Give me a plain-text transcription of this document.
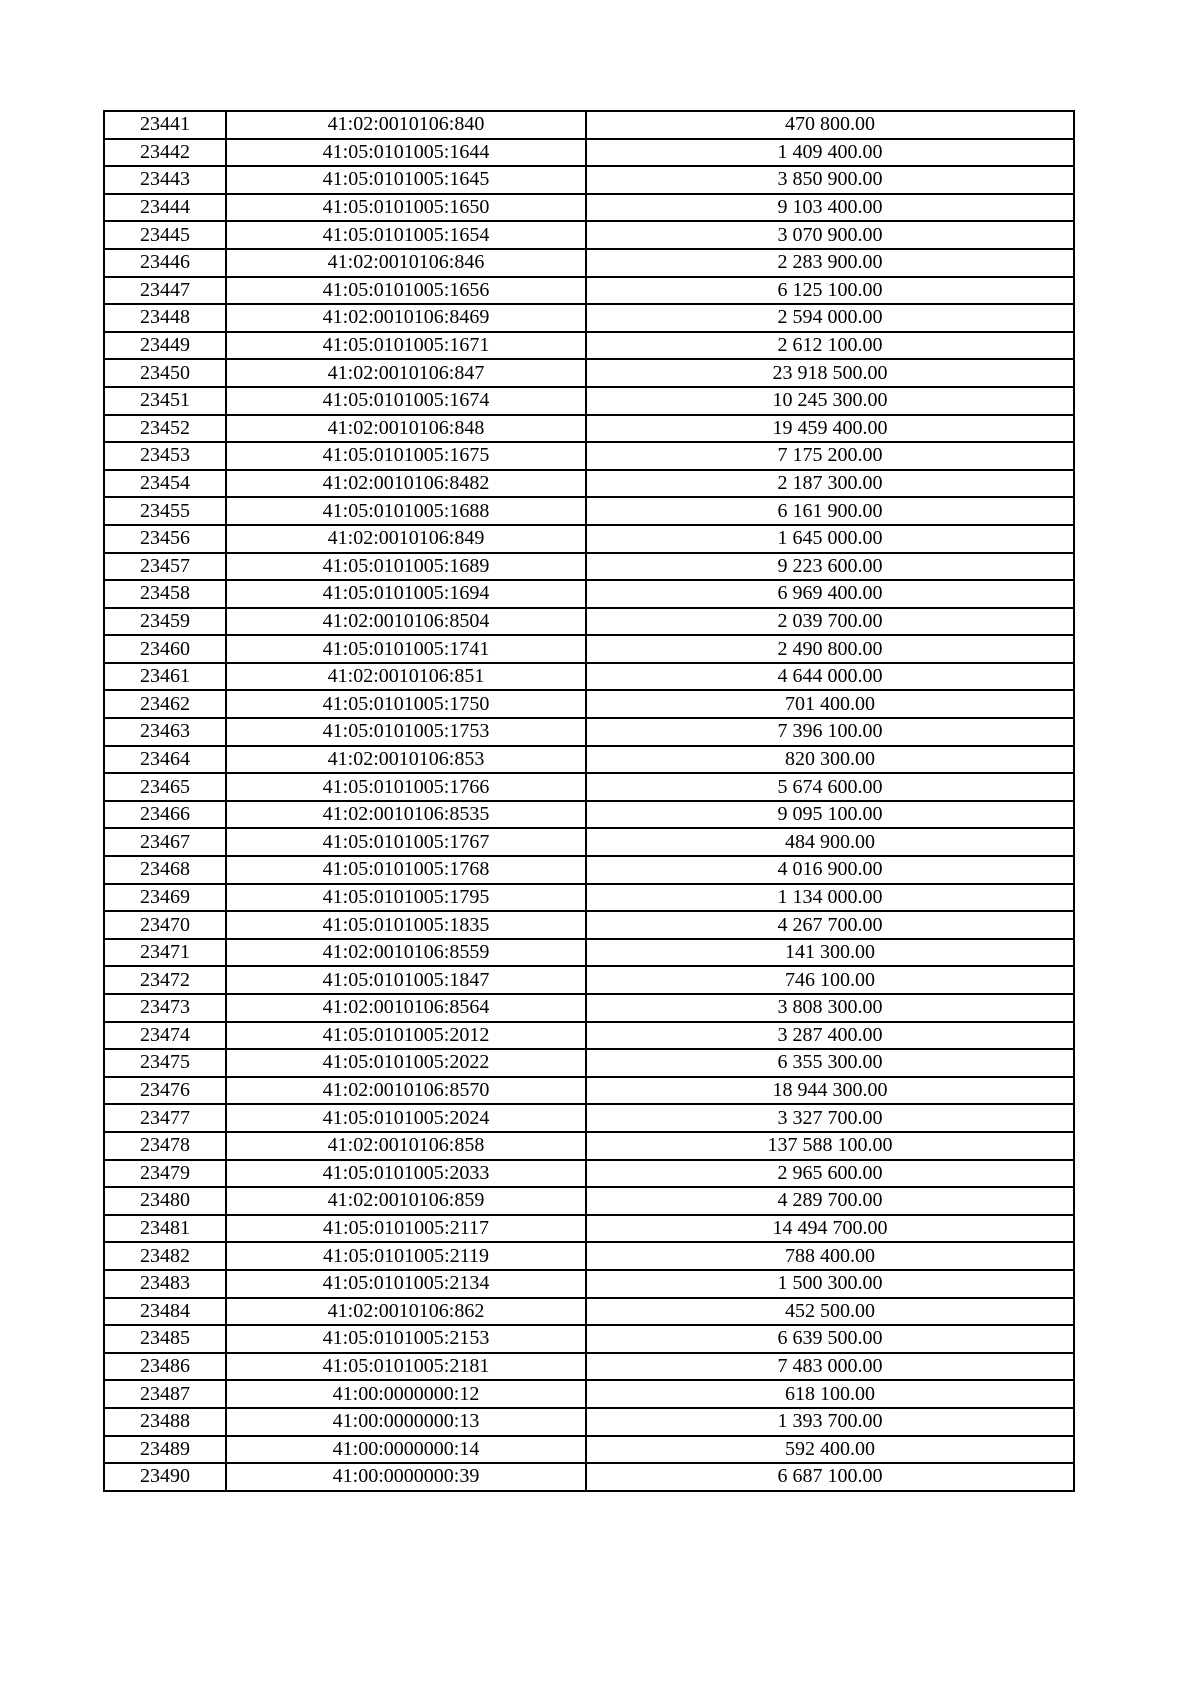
23441	41:02:0010106:840	470 800.00
23442	41:05:0101005:1644	1 409 400.00
23443	41:05:0101005:1645	3 850 900.00
23444	41:05:0101005:1650	9 103 400.00
23445	41:05:0101005:1654	3 070 900.00
23446	41:02:0010106:846	2 283 900.00
23447	41:05:0101005:1656	6 125 100.00
23448	41:02:0010106:8469	2 594 000.00
23449	41:05:0101005:1671	2 612 100.00
23450	41:02:0010106:847	23 918 500.00
23451	41:05:0101005:1674	10 245 300.00
23452	41:02:0010106:848	19 459 400.00
23453	41:05:0101005:1675	7 175 200.00
23454	41:02:0010106:8482	2 187 300.00
23455	41:05:0101005:1688	6 161 900.00
23456	41:02:0010106:849	1 645 000.00
23457	41:05:0101005:1689	9 223 600.00
23458	41:05:0101005:1694	6 969 400.00
23459	41:02:0010106:8504	2 039 700.00
23460	41:05:0101005:1741	2 490 800.00
23461	41:02:0010106:851	4 644 000.00
23462	41:05:0101005:1750	701 400.00
23463	41:05:0101005:1753	7 396 100.00
23464	41:02:0010106:853	820 300.00
23465	41:05:0101005:1766	5 674 600.00
23466	41:02:0010106:8535	9 095 100.00
23467	41:05:0101005:1767	484 900.00
23468	41:05:0101005:1768	4 016 900.00
23469	41:05:0101005:1795	1 134 000.00
23470	41:05:0101005:1835	4 267 700.00
23471	41:02:0010106:8559	141 300.00
23472	41:05:0101005:1847	746 100.00
23473	41:02:0010106:8564	3 808 300.00
23474	41:05:0101005:2012	3 287 400.00
23475	41:05:0101005:2022	6 355 300.00
23476	41:02:0010106:8570	18 944 300.00
23477	41:05:0101005:2024	3 327 700.00
23478	41:02:0010106:858	137 588 100.00
23479	41:05:0101005:2033	2 965 600.00
23480	41:02:0010106:859	4 289 700.00
23481	41:05:0101005:2117	14 494 700.00
23482	41:05:0101005:2119	788 400.00
23483	41:05:0101005:2134	1 500 300.00
23484	41:02:0010106:862	452 500.00
23485	41:05:0101005:2153	6 639 500.00
23486	41:05:0101005:2181	7 483 000.00
23487	41:00:0000000:12	618 100.00
23488	41:00:0000000:13	1 393 700.00
23489	41:00:0000000:14	592 400.00
23490	41:00:0000000:39	6 687 100.00
